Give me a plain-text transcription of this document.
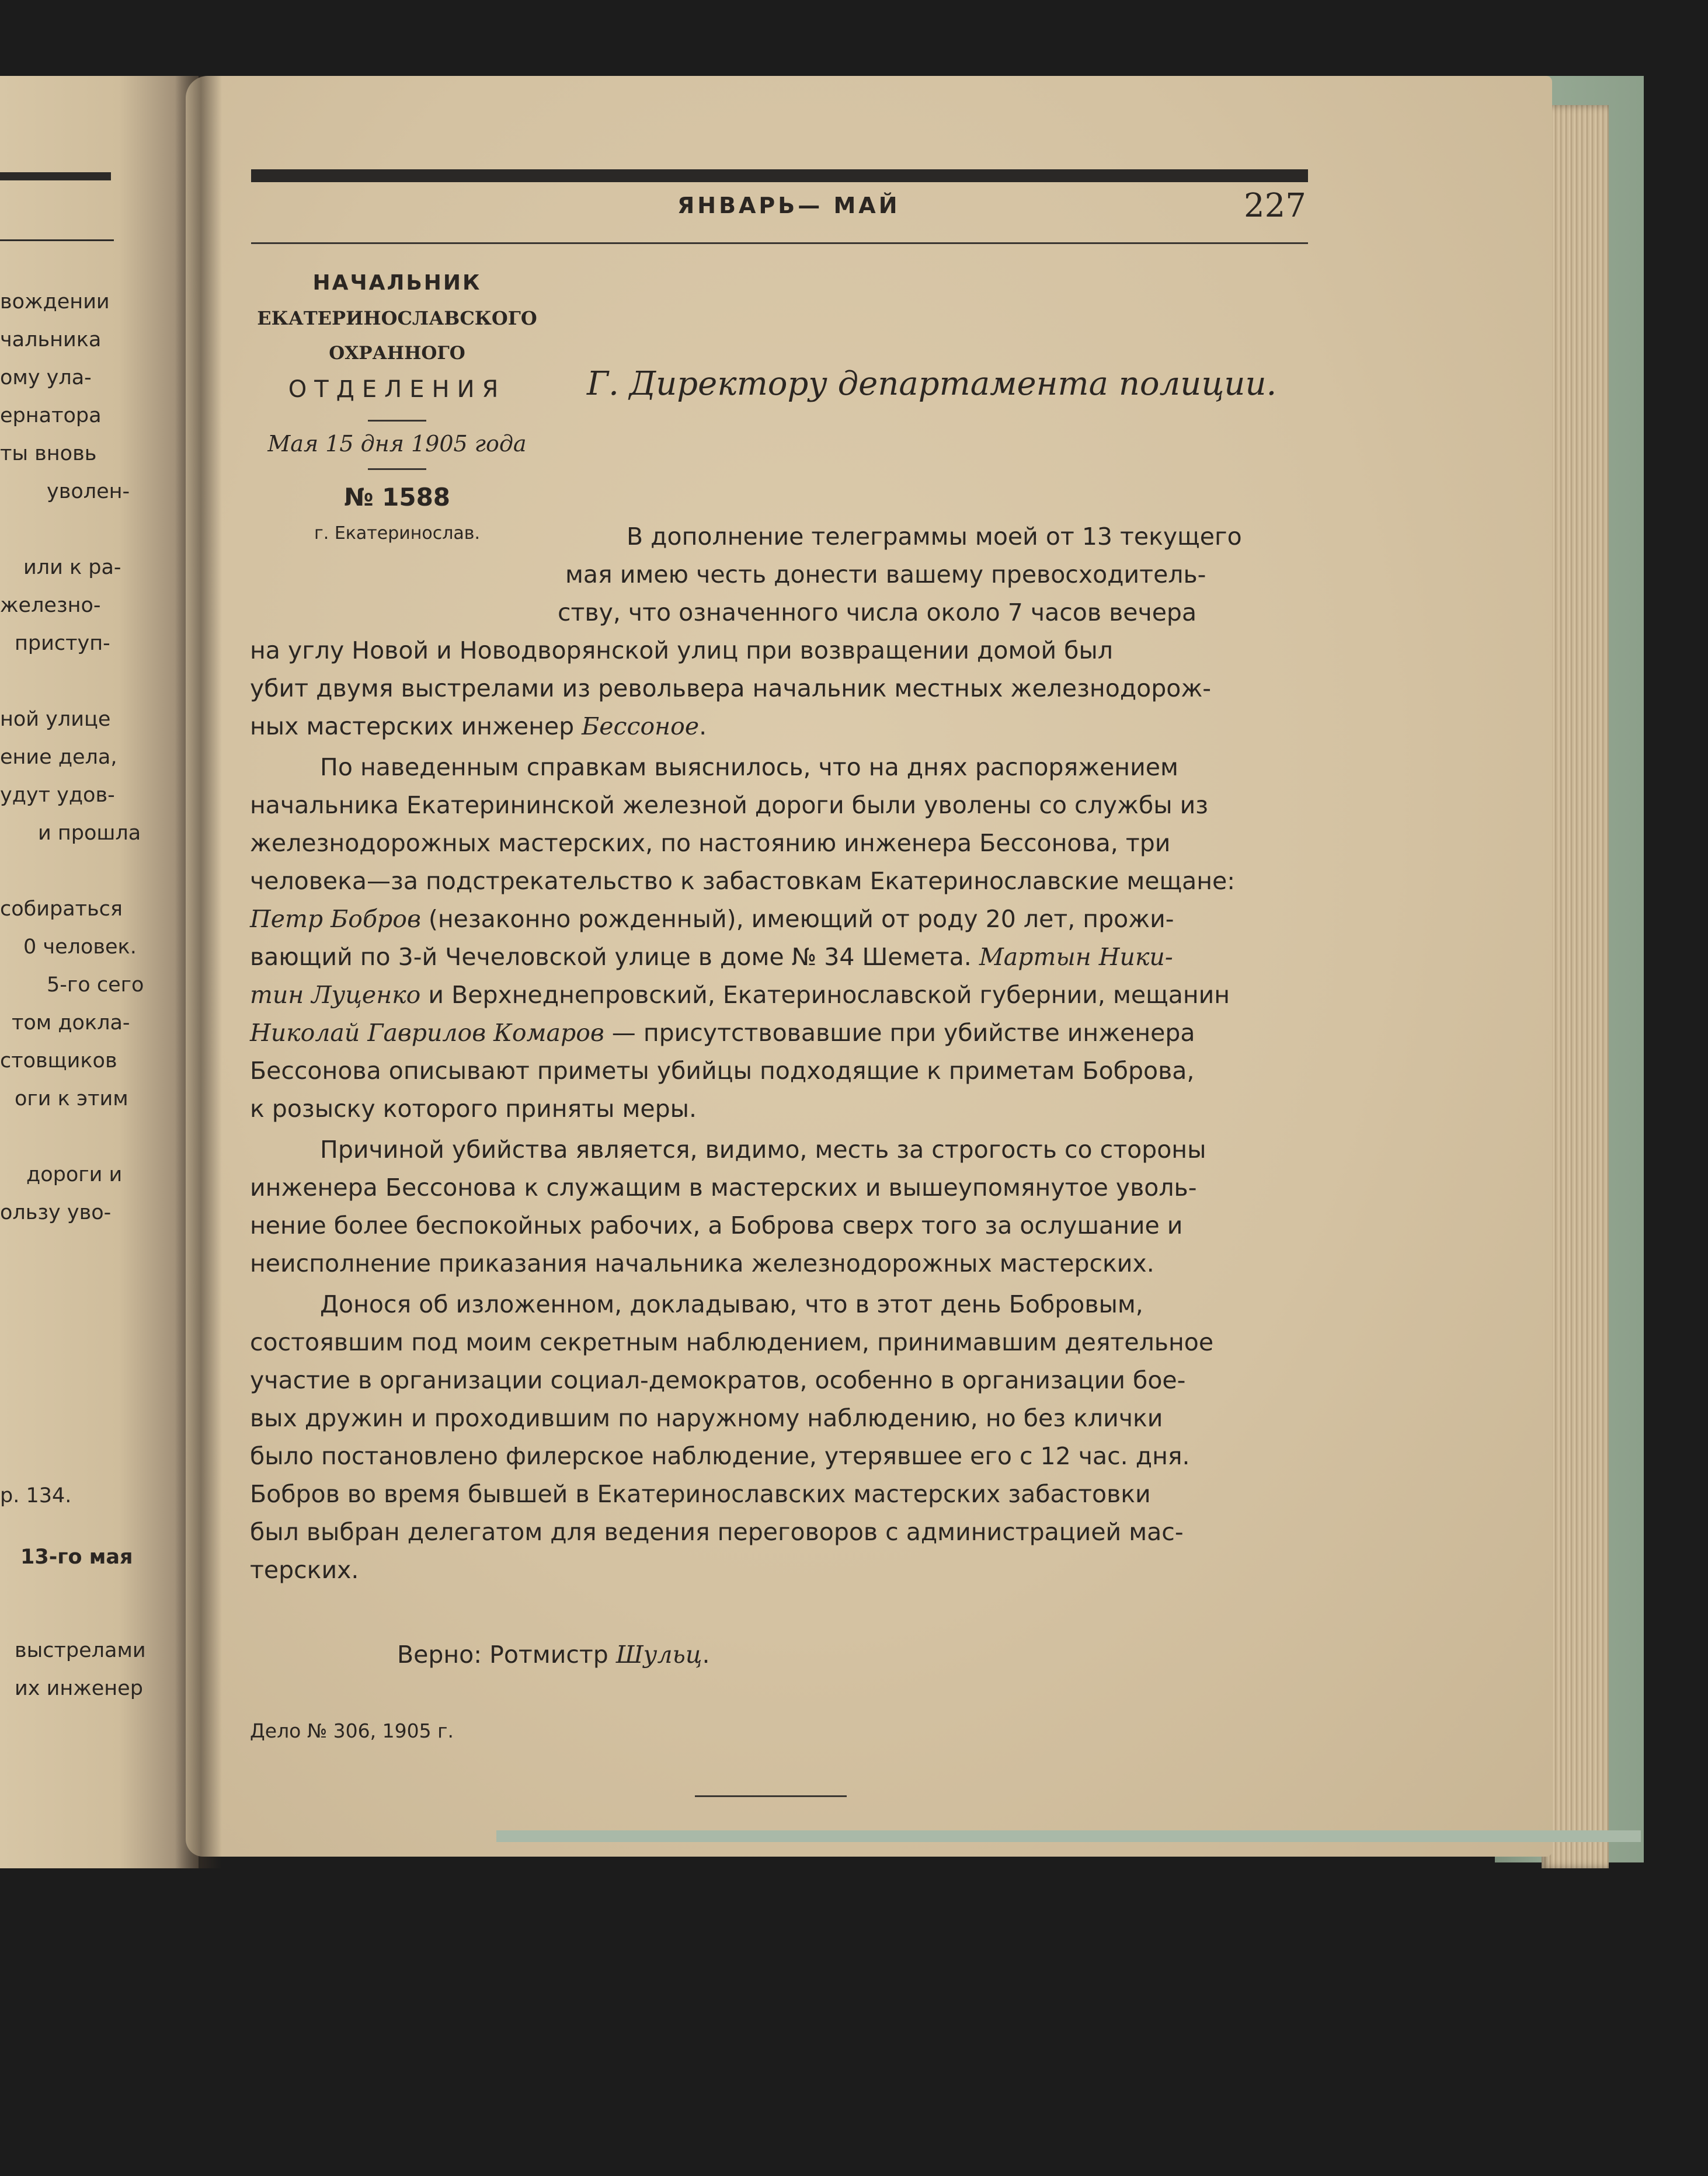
вождении
чальника
ому ула-
ернатора
ты вновь
уволен-
или к ра-
железно-
приступ-
ной улице
ение дела,
удут удов-
и прошла
собираться
0 человек.
5-го сего
том докла-
стовщиков
оги к этим
дороги и
ользу уво-
р. 134.
13-го мая
выстрелами
их инженер
ЯНВАРЬ— МАЙ	227
НАЧАЛЬНИК
ЕКАТЕРИНОСЛАВСКОГО
ОХРАННОГО
ОТДЕЛЕНИЯ
Мая 15 дня 1905 года
№ 1588
г. Екатеринослав.
Г. Директору департамента полиции.
В дополнение телеграммы моей от 13 текущего
мая имею честь донести вашему превосходитель-
ству, что означенного числа около 7 часов вечера
на углу Новой и Новодворянской улиц при возвращении домой был
убит двумя выстрелами из револьвера начальник местных железнодорож-
ных мастерских инженер Бессоное.
По наведенным справкам выяснилось, что на днях распоряжением
начальника Екатерининской железной дороги были уволены со службы из
железнодорожных мастерских, по настоянию инженера Бессонова, три
человека—за подстрекательство к забастовкам Екатеринославские мещане:
Петр Бобров (незаконно рожденный), имеющий от роду 20 лет, прожи-
вающий по 3-й Чечеловской улице в доме № 34 Шемета. Мартын Ники-
тин Луценко и Верхнеднепровский, Екатеринославской губернии, мещанин
Николай Гаврилов Комаров — присутствовавшие при убийстве инженера
Бессонова описывают приметы убийцы подходящие к приметам Боброва,
к розыску которого приняты меры.
Причиной убийства является, видимо, месть за строгость со стороны
инженера Бессонова к служащим в мастерских и вышеупомянутое уволь-
нение более беспокойных рабочих, а Боброва сверх того за ослушание и
неисполнение приказания начальника железнодорожных мастерских.
Донося об изложенном, докладываю, что в этот день Бобровым,
состоявшим под моим секретным наблюдением, принимавшим деятельное
участие в организации социал-демократов, особенно в организации бое-
вых дружин и проходившим по наружному наблюдению, но без клички
было постановлено филерское наблюдение, утерявшее его с 12 час. дня.
Бобров во время бывшей в Екатеринославских мастерских забастовки
был выбран делегатом для ведения переговоров с администрацией мас-
терских.
Верно: Ротмистр Шульц.
Дело № 306, 1905 г.
